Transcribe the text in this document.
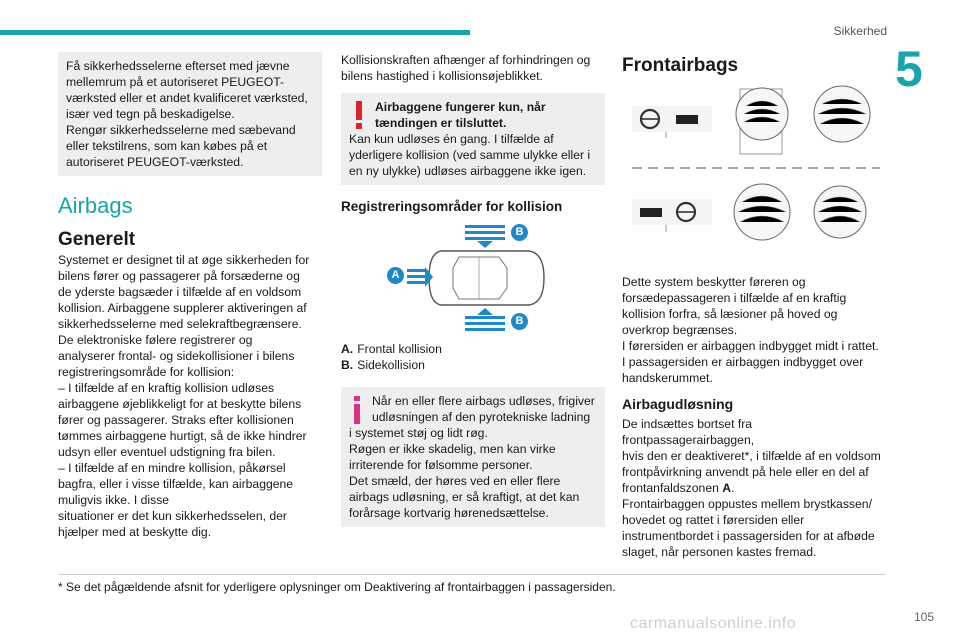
Sikkerhed
5

Få sikkerhedsselerne efterset med jævne
mellemrum på et autoriseret PEUGEOT-
værksted eller et andet kvalificeret værksted,
især ved tegn på beskadigelse.
Rengør sikkerhedsselerne med sæbevand
eller tekstilrens, som kan købes på et
autoriseret PEUGEOT-værksted.

Airbags
Generelt

Systemet er designet til at øge sikkerheden for
bilens fører og passagerer på forsæderne og
de yderste bagsæder i tilfælde af en voldsom
kollision. Airbaggene supplerer aktiveringen af
sikkerhedsselerne med selekraftbegrænsere.
De elektroniske følere registrerer og
analyserer frontal- og sidekollisioner i bilens
registreringsområde for kollision:
– I tilfælde af en kraftig kollision udløses
airbaggene øjeblikkeligt for at beskytte bilens
fører og passagerer. Straks efter kollisionen
tømmes airbaggene hurtigt, så de ikke hindrer
udsyn eller eventuel udstigning fra bilen.
– I tilfælde af en mindre kollision, påkørsel
bagfra, eller i visse tilfælde, kan airbaggene muligvis ikke. I disse
situationer er det kun sikkerhedsselen, der
hjælper med at beskytte dig.

Kollisionskraften afhænger af forhindringen og
bilens hastighed i kollisionsøjeblikket.

Airbaggene fungerer kun, når
tændingen er tilsluttet.
Kan kun udløses én gang. I tilfælde af
yderligere kollision (ved samme ulykke eller i
en ny ulykke) udløses airbaggene ikke igen.
Registreringsområder for kollision
A
B
B
A. Frontal kollision
B. Sidekollision
Når en eller flere airbags udløses, frigiver
udløsningen af den pyrotekniske ladning
i systemet støj og lidt røg.
Røgen er ikke skadelig, men kan virke
irriterende for følsomme personer.
Det smæld, der høres ved en eller flere
airbags udløsning, er så kraftigt, at det kan
forårsage kortvarig hørenedsættelse.
Frontairbags

Dette system beskytter føreren og
forsædepassageren i tilfælde af en kraftig
kollision forfra, så læsioner på hoved og
overkrop begrænses.
I førersiden er airbaggen indbygget midt i rattet.
I passagersiden er airbaggen indbygget over
handskerummet.

Airbagudløsning

De indsættes bortset fra frontpassagerairbaggen,
hvis den er deaktiveret*, i tilfælde af en voldsom
frontpåvirkning anvendt på hele eller en del af
frontanfaldszonen A.
Frontairbaggen oppustes mellem brystkassen/
hovedet og rattet i førersiden eller
instrumentbordet i passagersiden for at afbøde
slaget, når personen kastes fremad.

* Se det pågældende afsnit for yderligere oplysninger om Deaktivering af frontairbaggen i passagersiden.
carmanualsonline.info	105
